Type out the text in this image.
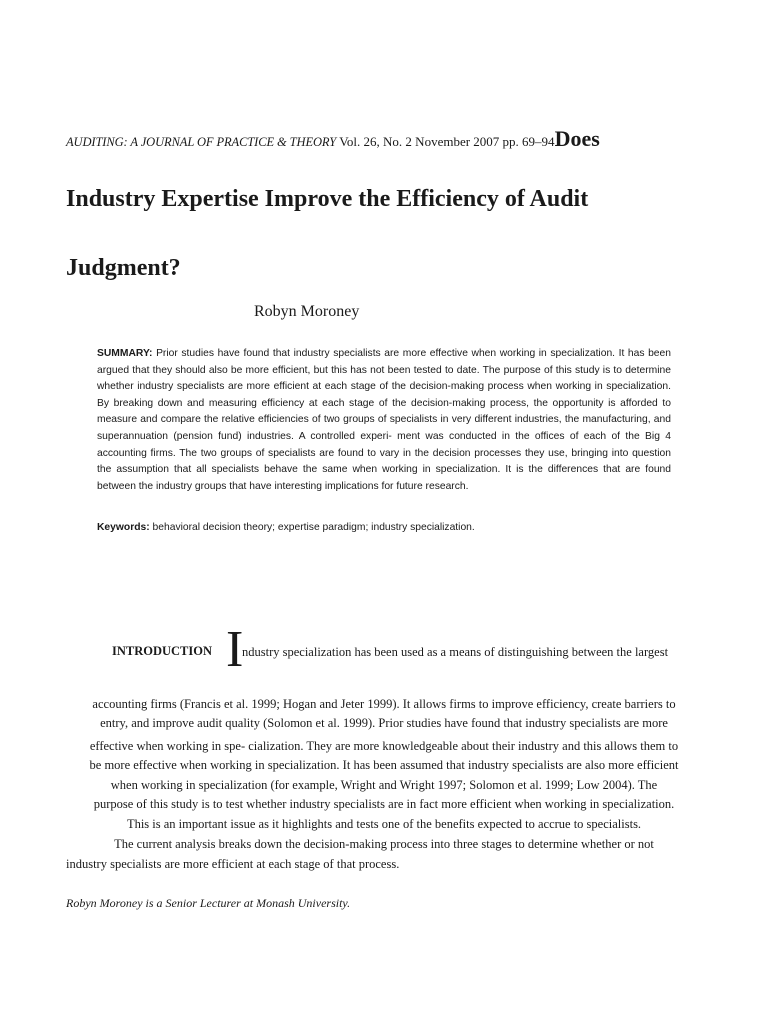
AUDITING: A JOURNAL OF PRACTICE & THEORY Vol. 26, No. 2 November 2007 pp. 69–94Does
Industry Expertise Improve the Efficiency of Audit
Judgment?
Robyn Moroney

SUMMARY: Prior studies have found that industry specialists are more effective when working in specialization. It has been argued that they should also be more efficient, but this has not been tested to date. The purpose of this study is to determine whether industry specialists are more efficient at each stage of the decision-making process when working in specialization. By breaking down and measuring efficiency at each stage of the decision-making process, the opportunity is afforded to measure and compare the relative efficiencies of two groups of specialists in very different industries, the manufacturing, and superannuation (pension fund) industries. A controlled experi- ment was conducted in the offices of each of the Big 4 accounting firms. The two groups of specialists are found to vary in the decision processes they use, bringing into question the assumption that all specialists behave the same when working in specialization. It is the differences that are found between the industry groups that have interesting implications for future research.

Keywords: behavioral decision theory; expertise paradigm; industry specialization.

INTRODUCTION I
ndustry specialization has been used as a means of distinguishing between the largest
accounting firms (Francis et al. 1999; Hogan and Jeter 1999). It allows firms to improve efficiency, create barriers to
entry, and improve audit quality (Solomon et al. 1999). Prior studies have found that industry specialists are more
effective when working in spe- cialization. They are more knowledgeable about their industry and this allows them to
be more effective when working in specialization. It has been assumed that industry specialists are also more efficient
when working in specialization (for example, Wright and Wright 1997; Solomon et al. 1999; Low 2004). The
purpose of this study is to test whether industry specialists are in fact more efficient when working in specialization.
This is an important issue as it highlights and tests one of the benefits expected to accrue to specialists.
The current analysis breaks down the decision-making process into three stages to determine whether or not
industry specialists are more efficient at each stage of that process.
Robyn Moroney is a Senior Lecturer at Monash University.
